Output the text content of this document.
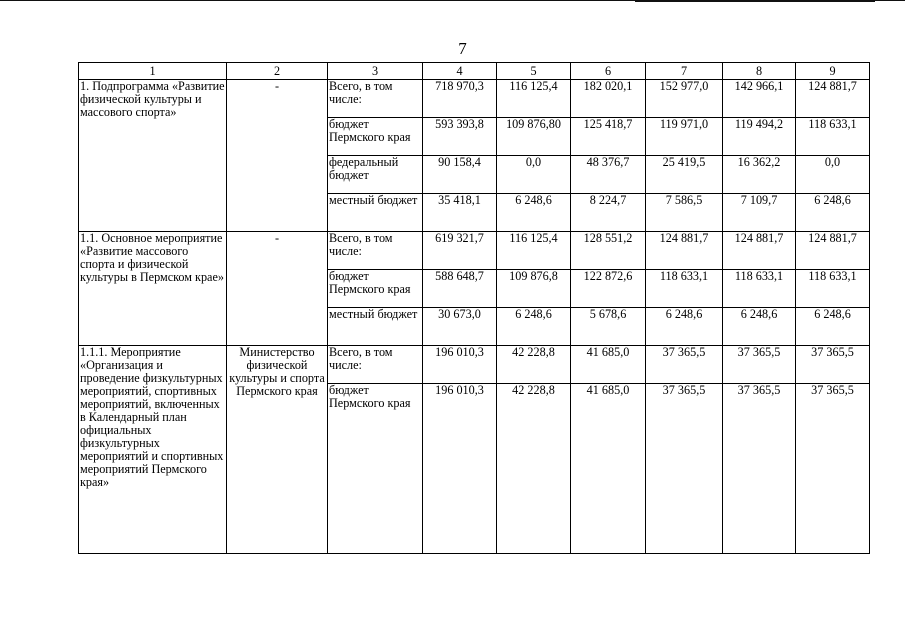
7
1	2	3	4	5	6	7	8	9
1. Подпрограмма «Развитие физической культуры и массового спорта»	-	Всего, в том числе:	718 970,3	116 125,4	182 020,1	152 977,0	142 966,1	124 881,7
		бюджет Пермского края	593 393,8	109 876,80	125 418,7	119 971,0	119 494,2	118 633,1
		федеральный бюджет	90 158,4	0,0	48 376,7	25 419,5	16 362,2	0,0
		местный бюджет	35 418,1	6 248,6	8 224,7	7 586,5	7 109,7	6 248,6
1.1. Основное мероприятие «Развитие массового спорта и физической культуры в Пермском крае»	-	Всего, в том числе:	619 321,7	116 125,4	128 551,2	124 881,7	124 881,7	124 881,7
		бюджет Пермского края	588 648,7	109 876,8	122 872,6	118 633,1	118 633,1	118 633,1
		местный бюджет	30 673,0	6 248,6	5 678,6	6 248,6	6 248,6	6 248,6
1.1.1. Мероприятие «Организация и проведение физкультурных мероприятий, спортивных мероприятий, включенных в Календарный план официальных физкультурных мероприятий и спортивных мероприятий Пермского края»	Министерство физической культуры и спорта Пермского края	Всего, в том числе:	196 010,3	42 228,8	41 685,0	37 365,5	37 365,5	37 365,5
		бюджет Пермского края	196 010,3	42 228,8	41 685,0	37 365,5	37 365,5	37 365,5
